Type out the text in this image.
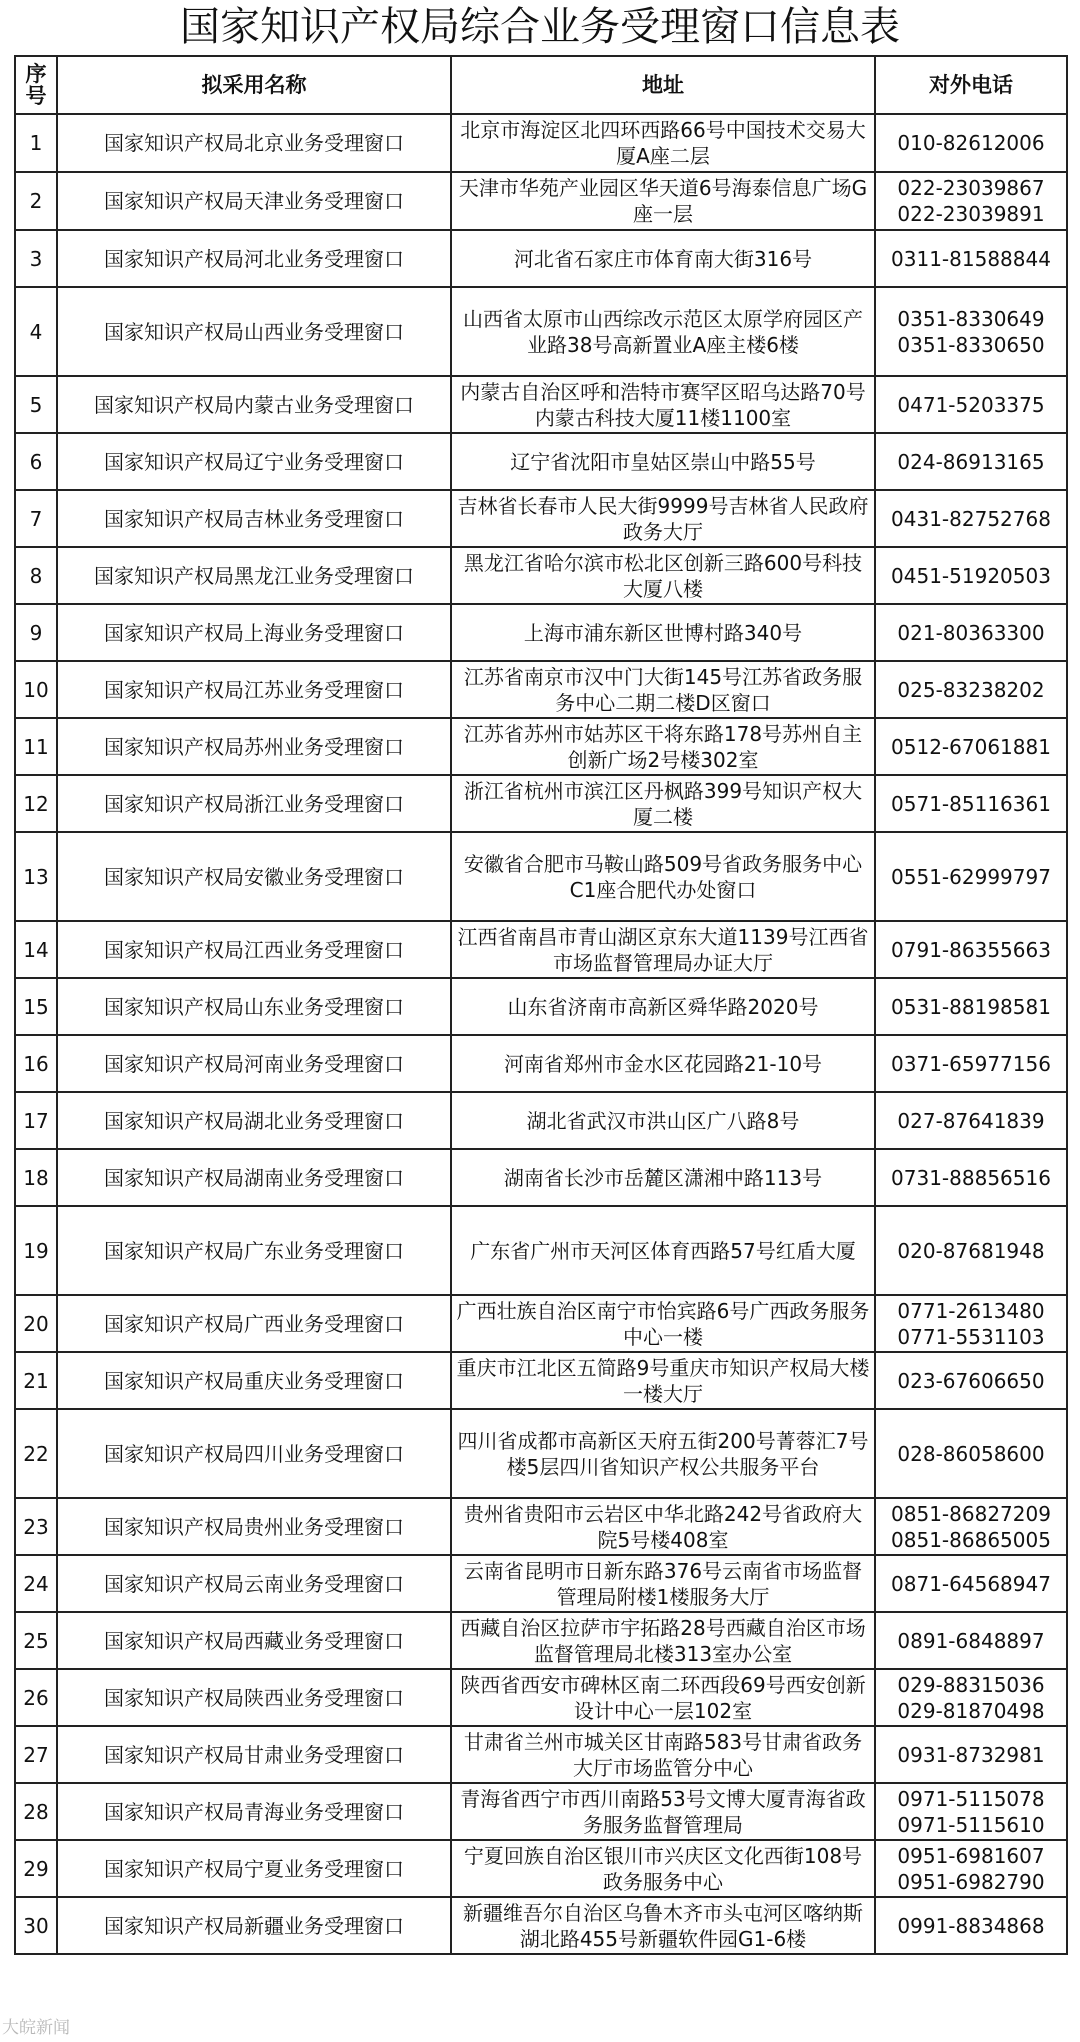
国家知识产权局综合业务受理窗口信息表
序号	拟采用名称	地址	对外电话
1	国家知识产权局北京业务受理窗口	北京市海淀区北四环西路66号中国技术交易大厦A座二层	010-82612006
2	国家知识产权局天津业务受理窗口	天津市华苑产业园区华天道6号海泰信息广场G座一层	022-23039867
022-23039891
3	国家知识产权局河北业务受理窗口	河北省石家庄市体育南大街316号	0311-81588844
4	国家知识产权局山西业务受理窗口	山西省太原市山西综改示范区太原学府园区产业路38号高新置业A座主楼6楼	0351-8330649
0351-8330650
5	国家知识产权局内蒙古业务受理窗口	内蒙古自治区呼和浩特市赛罕区昭乌达路70号内蒙古科技大厦11楼1100室	0471-5203375
6	国家知识产权局辽宁业务受理窗口	辽宁省沈阳市皇姑区崇山中路55号	024-86913165
7	国家知识产权局吉林业务受理窗口	吉林省长春市人民大街9999号吉林省人民政府政务大厅	0431-82752768
8	国家知识产权局黑龙江业务受理窗口	黑龙江省哈尔滨市松北区创新三路600号科技大厦八楼	0451-51920503
9	国家知识产权局上海业务受理窗口	上海市浦东新区世博村路340号	021-80363300
10	国家知识产权局江苏业务受理窗口	江苏省南京市汉中门大街145号江苏省政务服务中心二期二楼D区窗口	025-83238202
11	国家知识产权局苏州业务受理窗口	江苏省苏州市姑苏区干将东路178号苏州自主创新广场2号楼302室	0512-67061881
12	国家知识产权局浙江业务受理窗口	浙江省杭州市滨江区丹枫路399号知识产权大厦二楼	0571-85116361
13	国家知识产权局安徽业务受理窗口	安徽省合肥市马鞍山路509号省政务服务中心C1座合肥代办处窗口	0551-62999797
14	国家知识产权局江西业务受理窗口	江西省南昌市青山湖区京东大道1139号江西省市场监督管理局办证大厅	0791-86355663
15	国家知识产权局山东业务受理窗口	山东省济南市高新区舜华路2020号	0531-88198581
16	国家知识产权局河南业务受理窗口	河南省郑州市金水区花园路21-10号	0371-65977156
17	国家知识产权局湖北业务受理窗口	湖北省武汉市洪山区广八路8号	027-87641839
18	国家知识产权局湖南业务受理窗口	湖南省长沙市岳麓区潇湘中路113号	0731-88856516
19	国家知识产权局广东业务受理窗口	广东省广州市天河区体育西路57号红盾大厦	020-87681948
20	国家知识产权局广西业务受理窗口	广西壮族自治区南宁市怡宾路6号广西政务服务中心一楼	0771-2613480
0771-5531103
21	国家知识产权局重庆业务受理窗口	重庆市江北区五简路9号重庆市知识产权局大楼一楼大厅	023-67606650
22	国家知识产权局四川业务受理窗口	四川省成都市高新区天府五街200号菁蓉汇7号楼5层四川省知识产权公共服务平台	028-86058600
23	国家知识产权局贵州业务受理窗口	贵州省贵阳市云岩区中华北路242号省政府大院5号楼408室	0851-86827209
0851-86865005
24	国家知识产权局云南业务受理窗口	云南省昆明市日新东路376号云南省市场监督管理局附楼1楼服务大厅	0871-64568947
25	国家知识产权局西藏业务受理窗口	西藏自治区拉萨市宇拓路28号西藏自治区市场监督管理局北楼313室办公室	0891-6848897
26	国家知识产权局陕西业务受理窗口	陕西省西安市碑林区南二环西段69号西安创新设计中心一层102室	029-88315036
029-81870498
27	国家知识产权局甘肃业务受理窗口	甘肃省兰州市城关区甘南路583号甘肃省政务大厅市场监管分中心	0931-8732981
28	国家知识产权局青海业务受理窗口	青海省西宁市西川南路53号文博大厦青海省政务服务监督管理局	0971-5115078
0971-5115610
29	国家知识产权局宁夏业务受理窗口	宁夏回族自治区银川市兴庆区文化西街108号政务服务中心	0951-6981607
0951-6982790
30	国家知识产权局新疆业务受理窗口	新疆维吾尔自治区乌鲁木齐市头屯河区喀纳斯湖北路455号新疆软件园G1-6楼	0991-8834868
大皖新闻
